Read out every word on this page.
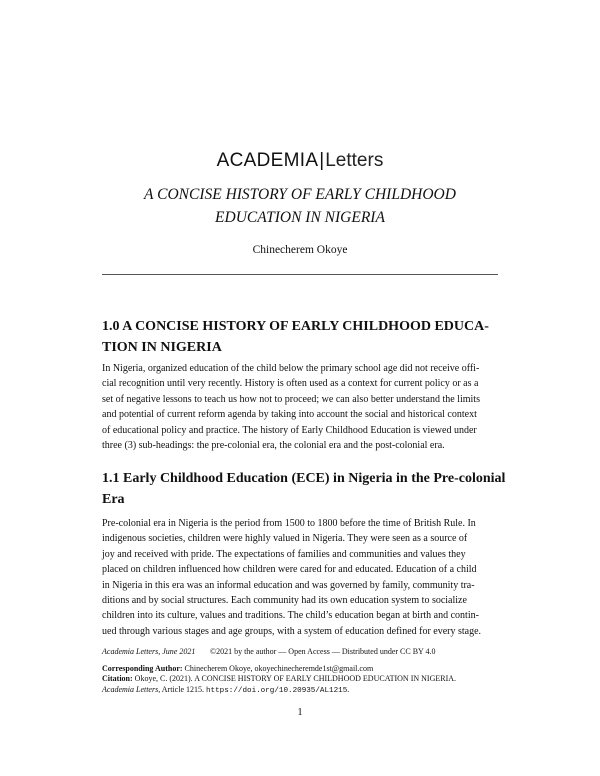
ACADEMIA|Letters
A CONCISE HISTORY OF EARLY CHILDHOOD
EDUCATION IN NIGERIA
Chinecherem Okoye
1.0 A CONCISE HISTORY OF EARLY CHILDHOOD EDUCA-
TION IN NIGERIA
In Nigeria, organized education of the child below the primary school age did not receive offi-
cial recognition until very recently. History is often used as a context for current policy or as a
set of negative lessons to teach us how not to proceed; we can also better understand the limits
and potential of current reform agenda by taking into account the social and historical context
of educational policy and practice. The history of Early Childhood Education is viewed under
three (3) sub-headings: the pre-colonial era, the colonial era and the post-colonial era.
1.1 Early Childhood Education (ECE) in Nigeria in the Pre-colonial
Era
Pre-colonial era in Nigeria is the period from 1500 to 1800 before the time of British Rule. In
indigenous societies, children were highly valued in Nigeria. They were seen as a source of
joy and received with pride. The expectations of families and communities and values they
placed on children influenced how children were cared for and educated. Education of a child
in Nigeria in this era was an informal education and was governed by family, community tra-
ditions and by social structures. Each community had its own education system to socialize
children into its culture, values and traditions. The child’s education began at birth and contin-
ued through various stages and age groups, with a system of education defined for every stage.
Academia Letters, June 2021 ©2021 by the author — Open Access — Distributed under CC BY 4.0
Corresponding Author: Chinecherem Okoye, okoyechinecheremde1st@gmail.com
Citation: Okoye, C. (2021). A CONCISE HISTORY OF EARLY CHILDHOOD EDUCATION IN NIGERIA.
Academia Letters, Article 1215. https://doi.org/10.20935/AL1215.
1
